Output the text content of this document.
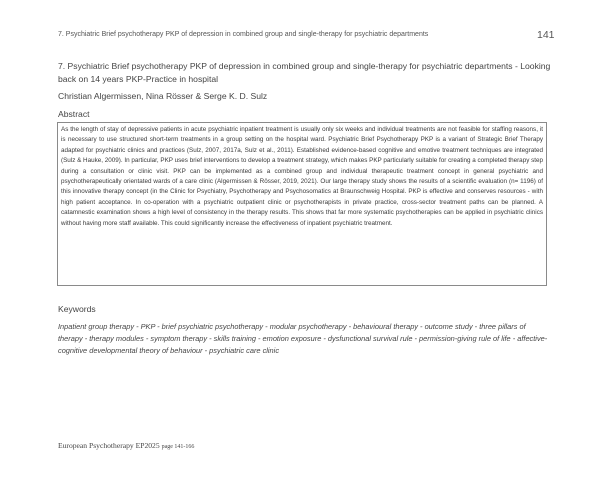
7. Psychiatric Brief psychotherapy PKP of depression in combined group and single-therapy for psychiatric departments	141
7. Psychiatric Brief psychotherapy PKP of depression in combined group and single-therapy for psychiatric departments - Looking back on 14 years PKP-Practice in hospital
Christian Algermissen, Nina Rösser & Serge K. D. Sulz
Abstract

As the length of stay of depressive patients in acute psychiatric inpatient treatment is usually only six weeks and individual treatments are not feasible for staffing reasons, it is necessary to use structured short-term treatments in a group setting on the hospital ward. Psychiatric Brief Psychotherapy PKP is a variant of Strategic Brief Therapy adapted for psychiatric clinics and practices (Sulz, 2007, 2017a, Sulz et al., 2011). Established evidence-based cognitive and emotive treatment techniques are integrated (Sulz & Hauke, 2009). In particular, PKP uses brief interventions to develop a treatment strategy, which makes PKP particularly suitable for creating a completed therapy step during a consultation or clinic visit. PKP can be implemented as a combined group and individual therapeutic treatment concept in general psychiatric and psychotherapeutically orientated wards of a care clinic (Algermissen & Rösser, 2019, 2021). Our large therapy study shows the results of a scientific evaluation (n= 1196) of this innovative therapy concept (in the Clinic for Psychiatry, Psychotherapy and Psychosomatics at Braunschweig Hospital. PKP is effective and conserves resources - with high patient acceptance. In co-operation with a psychiatric outpatient clinic or psychotherapists in private practice, cross-sector treatment paths can be planned. A catamnestic examination shows a high level of consistency in the therapy results. This shows that far more systematic psychotherapies can be applied in psychiatric clinics without having more staff available. This could significantly increase the effectiveness of inpatient psychiatric treatment.

Keywords

Inpatient group therapy - PKP - brief psychiatric psychotherapy - modular psychotherapy - behavioural therapy - outcome study - three pillars of therapy - therapy modules - symptom therapy - skills training - emotion exposure - dysfunctional survival rule - permission-giving rule of life - affective-cognitive developmental theory of behaviour - psychiatric care clinic

European Psychotherapy EP2025 page 141-166
